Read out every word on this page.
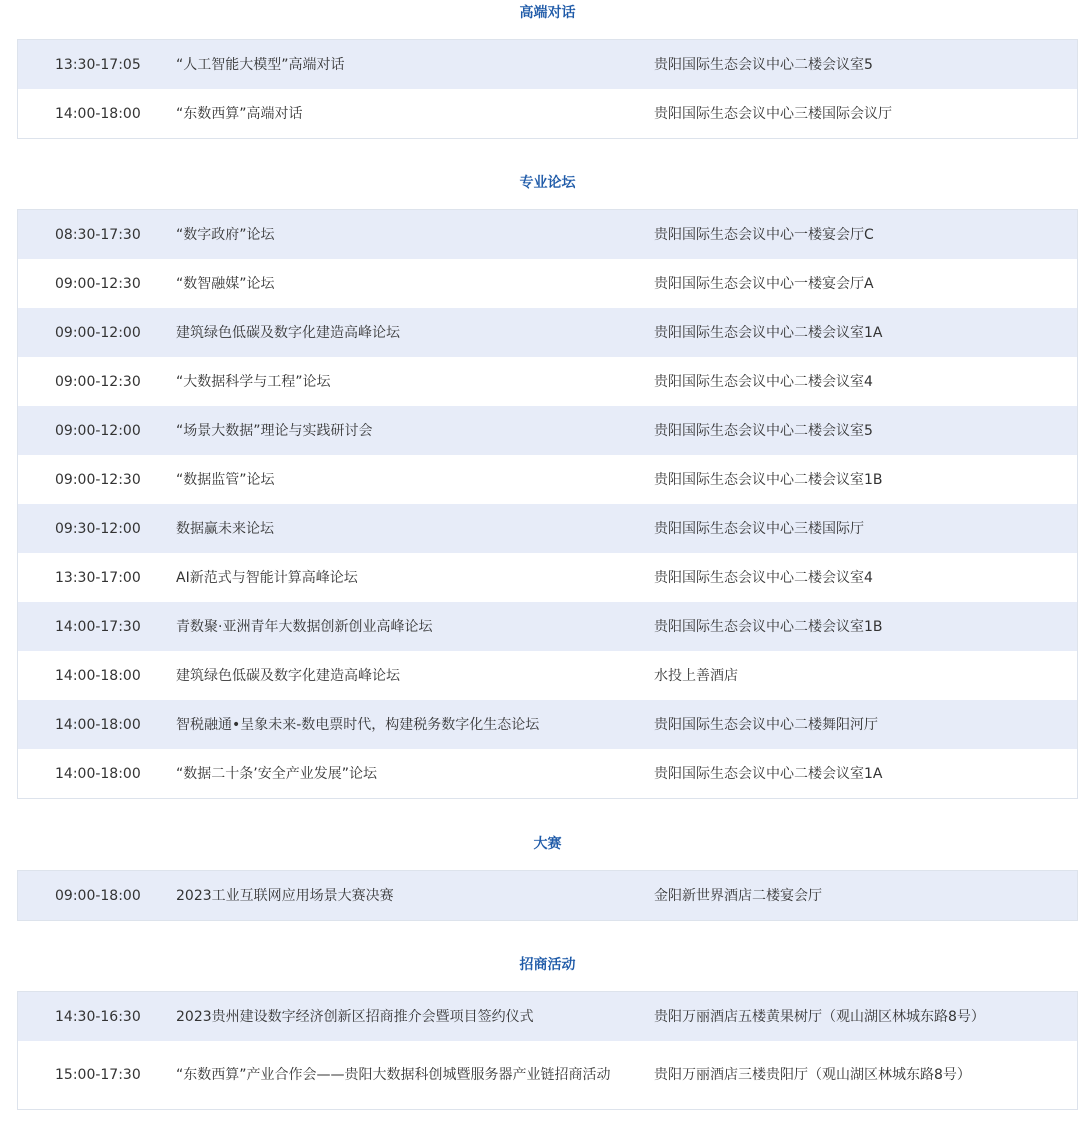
高端对话
13:30-17:05	“人工智能大模型”高端对话	贵阳国际生态会议中心二楼会议室5
14:00-18:00	“东数西算”高端对话	贵阳国际生态会议中心三楼国际会议厅
专业论坛
08:30-17:30	“数字政府”论坛	贵阳国际生态会议中心一楼宴会厅C
09:00-12:30	“数智融媒”论坛	贵阳国际生态会议中心一楼宴会厅A
09:00-12:00	建筑绿色低碳及数字化建造高峰论坛	贵阳国际生态会议中心二楼会议室1A
09:00-12:30	“大数据科学与工程”论坛	贵阳国际生态会议中心二楼会议室4
09:00-12:00	“场景大数据”理论与实践研讨会	贵阳国际生态会议中心二楼会议室5
09:00-12:30	“数据监管”论坛	贵阳国际生态会议中心二楼会议室1B
09:30-12:00	数据赢未来论坛	贵阳国际生态会议中心三楼国际厅
13:30-17:00	AI新范式与智能计算高峰论坛	贵阳国际生态会议中心二楼会议室4
14:00-17:30	青数聚·亚洲青年大数据创新创业高峰论坛	贵阳国际生态会议中心二楼会议室1B
14:00-18:00	建筑绿色低碳及数字化建造高峰论坛	水投上善酒店
14:00-18:00	智税融通•呈象未来-数电票时代，构建税务数字化生态论坛	贵阳国际生态会议中心二楼舞阳河厅
14:00-18:00	“数据二十条’安全产业发展”论坛	贵阳国际生态会议中心二楼会议室1A
大赛
09:00-18:00	2023工业互联网应用场景大赛决赛	金阳新世界酒店二楼宴会厅
招商活动
14:30-16:30	2023贵州建设数字经济创新区招商推介会暨项目签约仪式	贵阳万丽酒店五楼黄果树厅（观山湖区林城东路8号）
15:00-17:30	“东数西算”产业合作会——贵阳大数据科创城暨服务器产业链招商活动	贵阳万丽酒店三楼贵阳厅（观山湖区林城东路8号）
